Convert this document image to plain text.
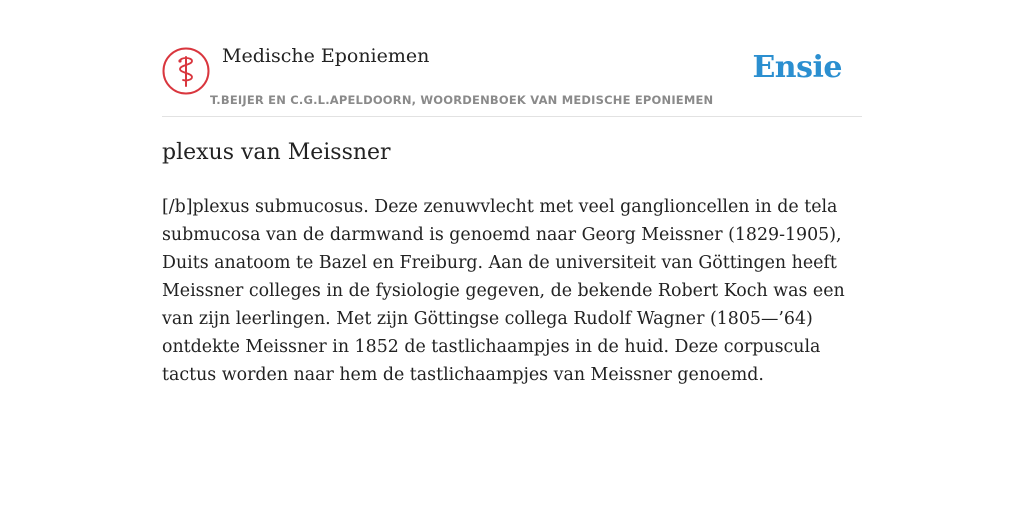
Medische Eponiemen
T.BEIJER EN C.G.L.APELDOORN, WOORDENBOEK VAN MEDISCHE EPONIEMEN
Ensie
plexus van Meissner

[/b]plexus submucosus. Deze zenuwvlecht met veel ganglioncellen in de tela submucosa van de darmwand is genoemd naar Georg Meissner (1829-1905), Duits anatoom te Bazel en Freiburg. Aan de universiteit van Göttingen heeft Meissner colleges in de fysiologie gegeven, de bekende Robert Koch was een van zijn leerlingen. Met zijn Göttingse collega Rudolf Wagner (1805—’64) ontdekte Meissner in 1852 de tastlichaampjes in de huid. Deze corpuscula tactus worden naar hem de tastlichaampjes van Meissner genoemd.
